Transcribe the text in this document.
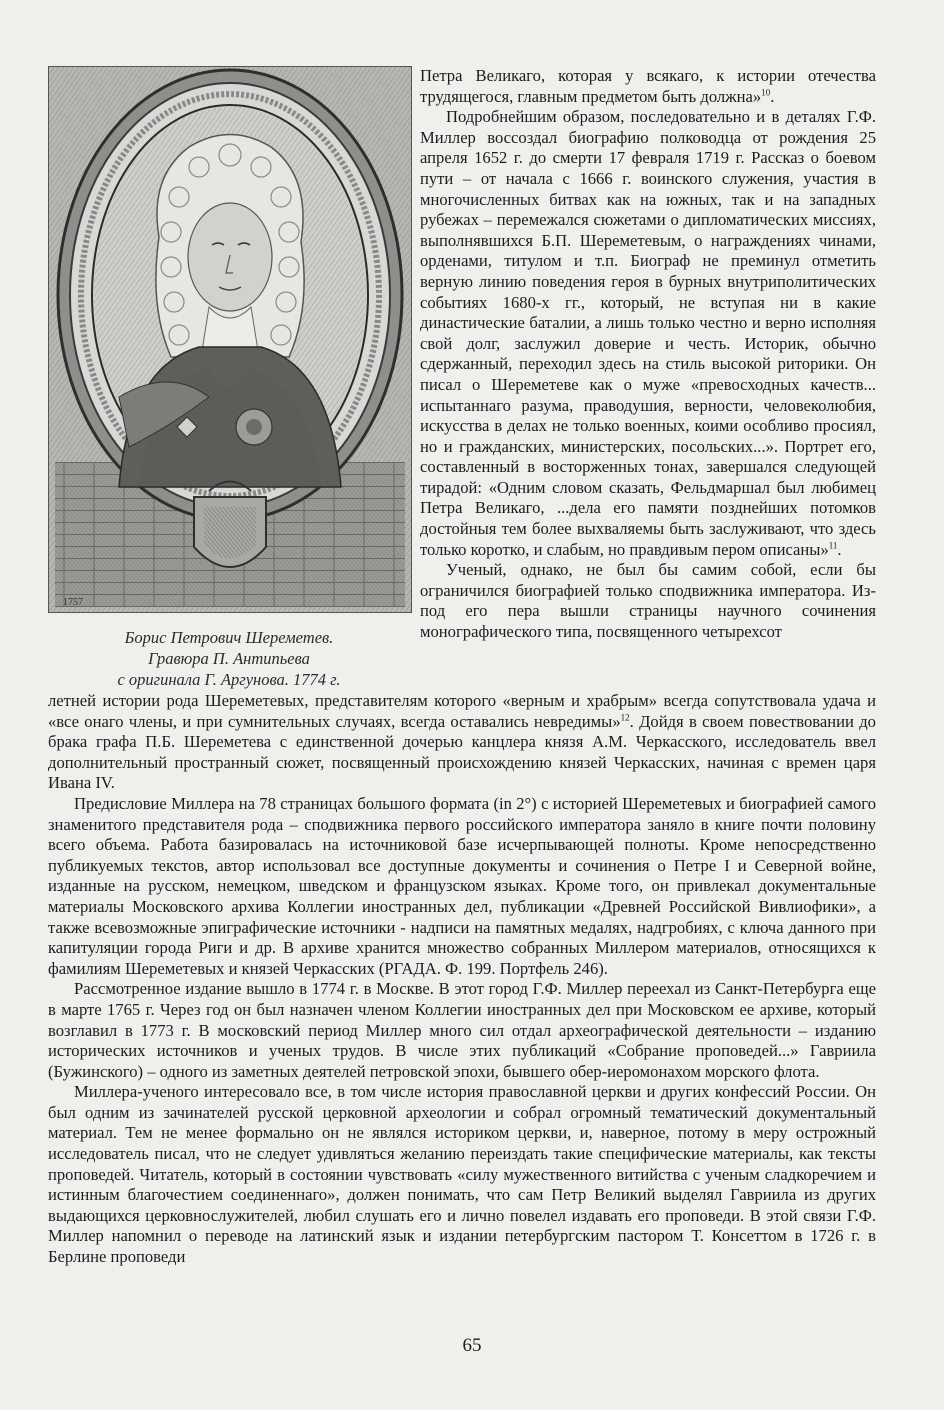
1757
Борис Петрович Шереметев.
Гравюра П. Антипьева
с оригинала Г. Аргунова. 1774 г.

Петра Великаго, которая у всякаго, к истории отечества трудящегося, главным предметом быть должна»$^{10}$.

Подробнейшим образом, последовательно и в деталях Г.Ф. Миллер воссоздал биографию полководца от рождения 25 апреля 1652 г. до смерти 17 февраля 1719 г. Рассказ о боевом пути – от начала с 1666 г. воинского служения, участия в многочисленных битвах как на южных, так и на западных рубежах – перемежался сюжетами о дипломатических миссиях, выполнявшихся Б.П. Шереметевым, о награждениях чинами, орденами, титулом и т.п. Биограф не преминул отметить верную линию поведения героя в бурных внутриполитических событиях 1680-х гг., который, не вступая ни в какие династические баталии, а лишь только честно и верно исполняя свой долг, заслужил доверие и честь. Историк, обычно сдержанный, переходил здесь на стиль высокой риторики. Он писал о Шереметеве как о муже «превосходных качеств... испытаннаго разума, праводушия, верности, человеколюбия, искусства в делах не только военных, коими особливо просиял, но и гражданских, министерских, посольских...». Портрет его, составленный в восторженных тонах, завершался следующей тирадой: «Одним словом сказать, Фельдмаршал был любимец Петра Великаго, ...дела его памяти позднейших потомков достойныя тем более выхваляемы быть заслуживают, что здесь только коротко, и слабым, но правдивым пером описаны»$^{11}$.

Ученый, однако, не был бы самим собой, если бы ограничился биографией только сподвижника императора. Из-под его пера вышли страницы научного сочинения монографического типа, посвященного четырехсот

летней истории рода Шереметевых, представителям которого «верным и храбрым» всегда сопутствовала удача и «все онаго члены, и при сумнительных случаях, всегда оставались невредимы»$^{12}$. Дойдя в своем повествовании до брака графа П.Б. Шереметева с единственной дочерью канцлера князя А.М. Черкасского, исследователь ввел дополнительный пространный сюжет, посвященный происхождению князей Черкасских, начиная с времен царя Ивана IV.

Предисловие Миллера на 78 страницах большого формата (in 2°) с историей Шереметевых и биографией самого знаменитого представителя рода – сподвижника первого российского императора заняло в книге почти половину всего объема. Работа базировалась на источниковой базе исчерпывающей полноты. Кроме непосредственно публикуемых текстов, автор использовал все доступные документы и сочинения о Петре I и Северной войне, изданные на русском, немецком, шведском и французском языках. Кроме того, он привлекал документальные материалы Московского архива Коллегии иностранных дел, публикации «Древней Российской Вивлиофики», а также всевозможные эпиграфические источники - надписи на памятных медалях, надгробиях, с ключа данного при капитуляции города Риги и др. В архиве хранится множество собранных Миллером материалов, относящихся к фамилиям Шереметевых и князей Черкасских (РГАДА. Ф. 199. Портфель 246).

Рассмотренное издание вышло в 1774 г. в Москве. В этот город Г.Ф. Миллер переехал из Санкт-Петербурга еще в марте 1765 г. Через год он был назначен членом Коллегии иностранных дел при Московском ее архиве, который возглавил в 1773 г. В московский период Миллер много сил отдал археографической деятельности – изданию исторических источников и ученых трудов. В числе этих публикаций «Собрание проповедей...» Гавриила (Бужинского) – одного из заметных деятелей петровской эпохи, бывшего обер-иеромонахом морского флота.

Миллера-ученого интересовало все, в том числе история православной церкви и других конфессий России. Он был одним из зачинателей русской церковной археологии и собрал огромный тематический документальный материал. Тем не менее формально он не являлся историком церкви, и, наверное, потому в меру острожный исследователь писал, что не следует удивляться желанию переиздать такие специфические материалы, как тексты проповедей. Читатель, который в состоянии чувствовать «силу мужественного витийства с ученым сладкоречием и истинным благочестием соединеннаго», должен понимать, что сам Петр Великий выделял Гавриила из других выдающихся церковнослужителей, любил слушать его и лично повелел издавать его проповеди. В этой связи Г.Ф. Миллер напомнил о переводе на латинский язык и издании петербургским пастором Т. Консеттом в 1726 г. в Берлине проповеди

65
